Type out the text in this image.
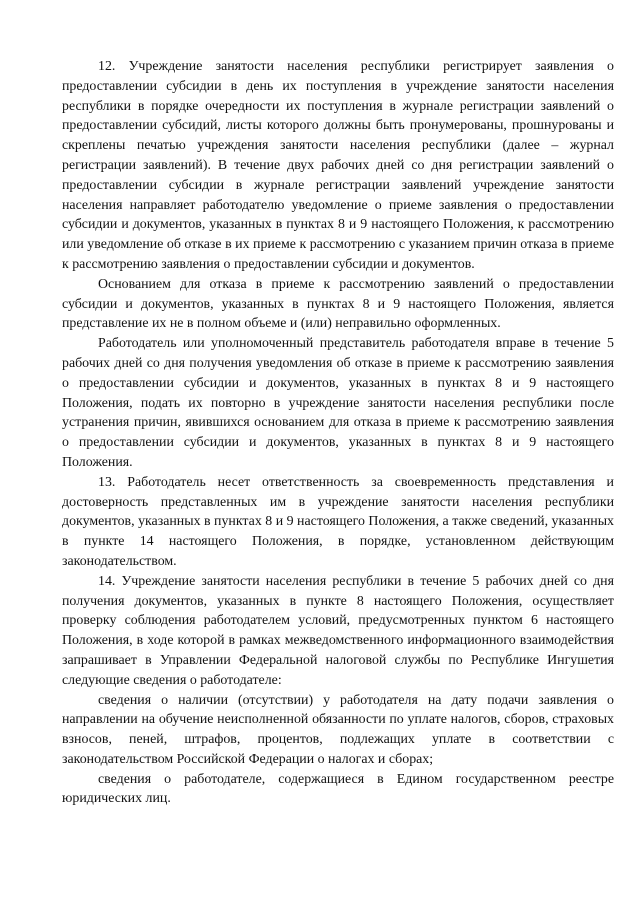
12. Учреждение занятости населения республики регистрирует заявления о предоставлении субсидии в день их поступления в учреждение занятости населения республики в порядке очередности их поступления в журнале регистрации заявлений о предоставлении субсидий, листы которого должны быть пронумерованы, прошнурованы и скреплены печатью учреждения занятости населения республики (далее – журнал регистрации заявлений). В течение двух рабочих дней со дня регистрации заявлений о предоставлении субсидии в журнале регистрации заявлений учреждение занятости населения направляет работодателю уведомление о приеме заявления о предоставлении субсидии и документов, указанных в пунктах 8 и 9 настоящего Положения, к рассмотрению или уведомление об отказе в их приеме к рассмотрению с указанием причин отказа в приеме к рассмотрению заявления о предоставлении субсидии и документов.

Основанием для отказа в приеме к рассмотрению заявлений о предоставлении субсидии и документов, указанных в пунктах 8 и 9 настоящего Положения, является представление их не в полном объеме и (или) неправильно оформленных.

Работодатель или уполномоченный представитель работодателя вправе в течение 5 рабочих дней со дня получения уведомления об отказе в приеме к рассмотрению заявления о предоставлении субсидии и документов, указанных в пунктах 8 и 9 настоящего Положения, подать их повторно в учреждение занятости населения республики после устранения причин, явившихся основанием для отказа в приеме к рассмотрению заявления о предоставлении субсидии и документов, указанных в пунктах 8 и 9 настоящего Положения.

13. Работодатель несет ответственность за своевременность представления и достоверность представленных им в учреждение занятости населения республики документов, указанных в пунктах 8 и 9 настоящего Положения, а также сведений, указанных в пункте 14 настоящего Положения, в порядке, установленном действующим законодательством.

14. Учреждение занятости населения республики в течение 5 рабочих дней со дня получения документов, указанных в пункте 8 настоящего Положения, осуществляет проверку соблюдения работодателем условий, предусмотренных пунктом 6 настоящего Положения, в ходе которой в рамках межведомственного информационного взаимодействия запрашивает в Управлении Федеральной налоговой службы по Республике Ингушетия следующие сведения о работодателе:

сведения о наличии (отсутствии) у работодателя на дату подачи заявления о направлении на обучение неисполненной обязанности по уплате налогов, сборов, страховых взносов, пеней, штрафов, процентов, подлежащих уплате в соответствии с законодательством Российской Федерации о налогах и сборах;

сведения о работодателе, содержащиеся в Едином государственном реестре юридических лиц.
